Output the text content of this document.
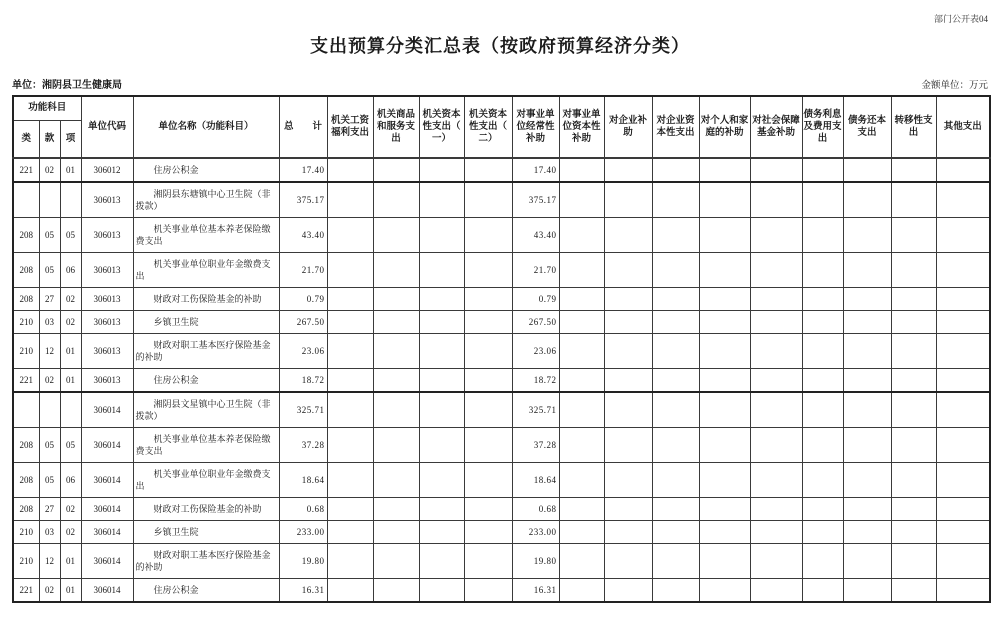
部门公开表04
支出预算分类汇总表（按政府预算经济分类）
单位：湘阴县卫生健康局	金额单位：万元
功能科目			单位代码	单位名称（功能科目）	总　　计	机关工资福利支出	机关商品和服务支出	机关资本性支出（一）	机关资本性支出（二）	对事业单位经常性补助	对事业单位资本性补助	对企业补助	对企业资本性支出	对个人和家庭的补助	对社会保障基金补助	债务利息及费用支出	债务还本支出	转移性支出	其他支出
类	款	项																	
221	02	01	306012	住房公积金	17.40					17.40									
			306013	湘阴县东塘镇中心卫生院（非拨款）	375.17					375.17									
208	05	05	306013	机关事业单位基本养老保险缴费支出	43.40					43.40									
208	05	06	306013	机关事业单位职业年金缴费支出	21.70					21.70									
208	27	02	306013	财政对工伤保险基金的补助	0.79					0.79									
210	03	02	306013	乡镇卫生院	267.50					267.50									
210	12	01	306013	财政对职工基本医疗保险基金的补助	23.06					23.06									
221	02	01	306013	住房公积金	18.72					18.72									
			306014	湘阴县文星镇中心卫生院（非拨款）	325.71					325.71									
208	05	05	306014	机关事业单位基本养老保险缴费支出	37.28					37.28									
208	05	06	306014	机关事业单位职业年金缴费支出	18.64					18.64									
208	27	02	306014	财政对工伤保险基金的补助	0.68					0.68									
210	03	02	306014	乡镇卫生院	233.00					233.00									
210	12	01	306014	财政对职工基本医疗保险基金的补助	19.80					19.80									
221	02	01	306014	住房公积金	16.31					16.31									
